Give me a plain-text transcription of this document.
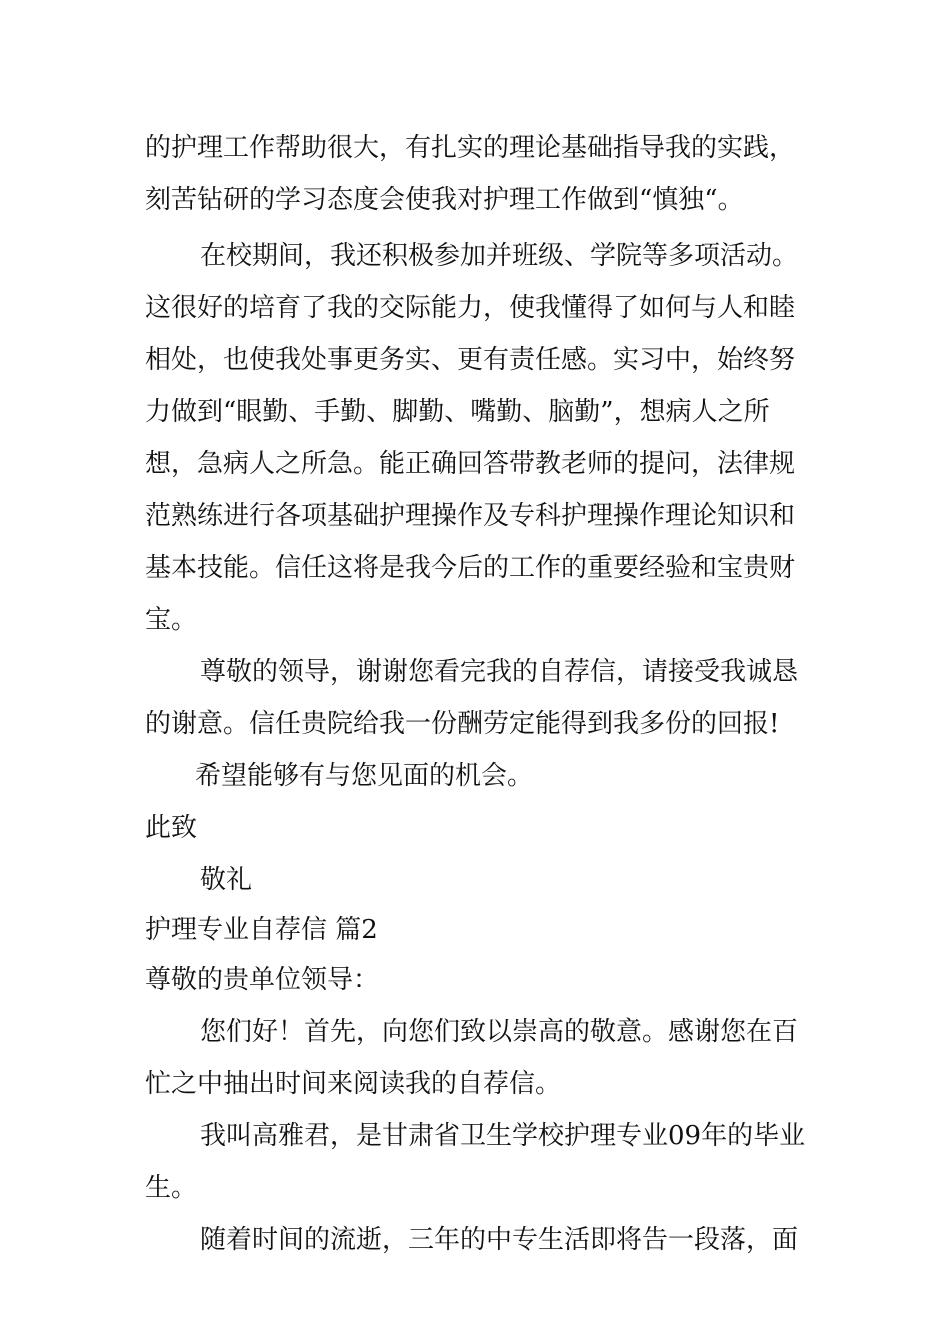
的护理工作帮助很大，有扎实的理论基础指导我的实践，
刻苦钻研的学习态度会使我对护理工作做到“慎独“。
在校期间，我还积极参加并班级、学院等多项活动。
这很好的培育了我的交际能力，使我懂得了如何与人和睦
相处，也使我处事更务实、更有责任感。实习中，始终努
力做到“眼勤、手勤、脚勤、嘴勤、脑勤”，想病人之所
想，急病人之所急。能正确回答带教老师的提问，法律规
范熟练进行各项基础护理操作及专科护理操作理论知识和
基本技能。信任这将是我今后的工作的重要经验和宝贵财
宝。
尊敬的领导，谢谢您看完我的自荐信，请接受我诚恳
的谢意。信任贵院给我一份酬劳定能得到我多份的回报!
希望能够有与您见面的机会。
此致
敬礼
护理专业自荐信 篇2
尊敬的贵单位领导：
您们好！首先，向您们致以崇高的敬意。感谢您在百
忙之中抽出时间来阅读我的自荐信。
我叫高雅君，是甘肃省卫生学校护理专业09年的毕业
生。
随着时间的流逝，三年的中专生活即将告一段落，面
